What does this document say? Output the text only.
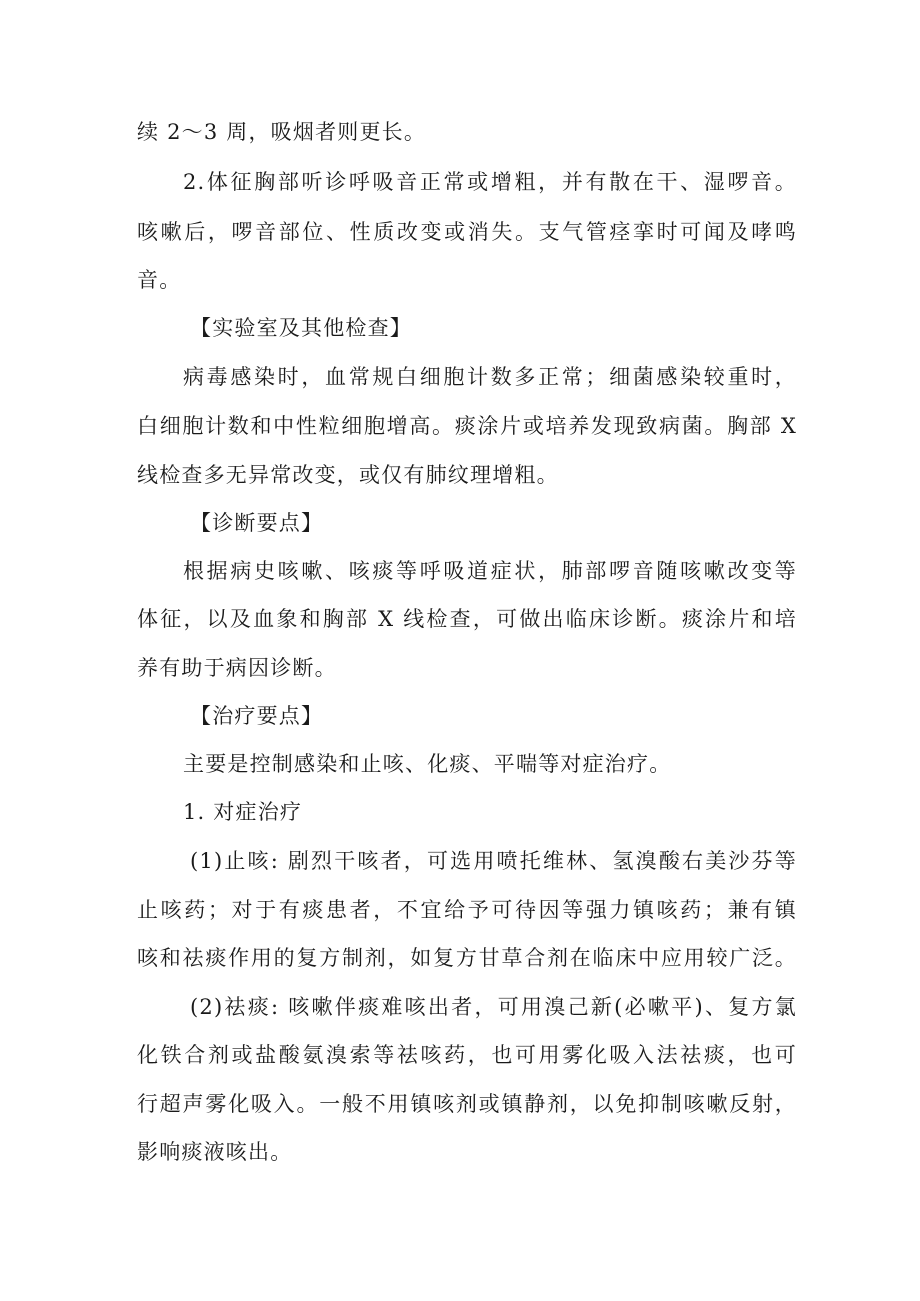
续 2～3 周，吸烟者则更长。
2.体征胸部听诊呼吸音正常或增粗，并有散在干、湿啰音。
咳嗽后，啰音部位、性质改变或消失。支气管痉挛时可闻及哮鸣
音。
【实验室及其他检查】
病毒感染时，血常规白细胞计数多正常；细菌感染较重时，
白细胞计数和中性粒细胞增高。痰涂片或培养发现致病菌。胸部 X
线检查多无异常改变，或仅有肺纹理增粗。
【诊断要点】
根据病史咳嗽、咳痰等呼吸道症状，肺部啰音随咳嗽改变等
体征，以及血象和胸部 X 线检查，可做出临床诊断。痰涂片和培
养有助于病因诊断。
【治疗要点】
主要是控制感染和止咳、化痰、平喘等对症治疗。
1. 对症治疗
(1)止咳: 剧烈干咳者，可选用喷托维林、氢溴酸右美沙芬等
止咳药；对于有痰患者，不宜给予可待因等强力镇咳药；兼有镇
咳和祛痰作用的复方制剂，如复方甘草合剂在临床中应用较广泛。
(2)祛痰: 咳嗽伴痰难咳出者，可用溴己新(必嗽平)、复方氯
化铁合剂或盐酸氨溴索等祛咳药，也可用雾化吸入法祛痰，也可
行超声雾化吸入。一般不用镇咳剂或镇静剂，以免抑制咳嗽反射，
影响痰液咳出。
